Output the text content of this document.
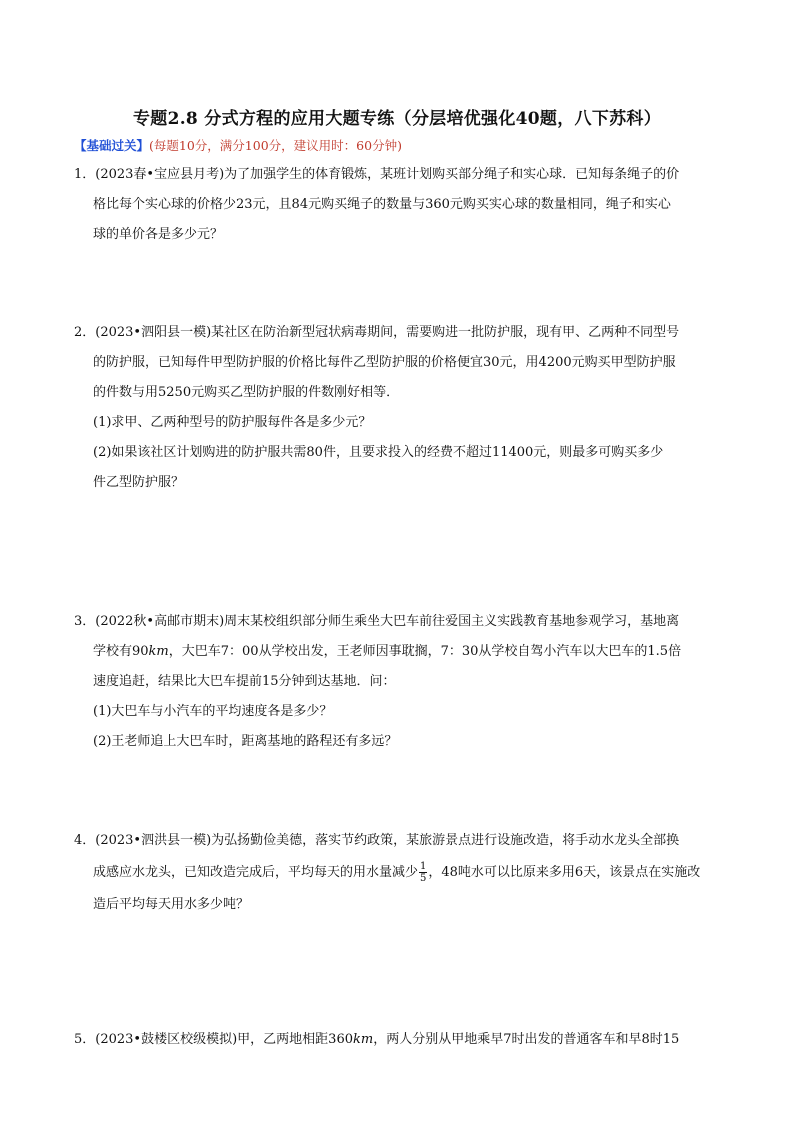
专题2.8 分式方程的应用大题专练（分层培优强化40题，八下苏科）
【基础过关】(每题10分，满分100分，建议用时：60分钟)

1．(2023春•宝应县月考)为了加强学生的体育锻炼，某班计划购买部分绳子和实心球．已知每条绳子的价

格比每个实心球的价格少23元，且84元购买绳子的数量与360元购买实心球的数量相同，绳子和实心

球的单价各是多少元？

2．(2023•泗阳县一模)某社区在防治新型冠状病毒期间，需要购进一批防护服，现有甲、乙两种不同型号

的防护服，已知每件甲型防护服的价格比每件乙型防护服的价格便宜30元，用4200元购买甲型防护服

的件数与用5250元购买乙型防护服的件数刚好相等．

(1)求甲、乙两种型号的防护服每件各是多少元？

(2)如果该社区计划购进的防护服共需80件，且要求投入的经费不超过11400元，则最多可购买多少

件乙型防护服？

3．(2022秋•高邮市期末)周末某校组织部分师生乘坐大巴车前往爱国主义实践教育基地参观学习，基地离

学校有90km，大巴车7：00从学校出发，王老师因事耽搁，7：30从学校自驾小汽车以大巴车的1.5倍

速度追赶，结果比大巴车提前15分钟到达基地．问：

(1)大巴车与小汽车的平均速度各是多少？

(2)王老师追上大巴车时，距离基地的路程还有多远？

4．(2023•泗洪县一模)为弘扬勤俭美德，落实节约政策，某旅游景点进行设施改造，将手动水龙头全部换

成感应水龙头，已知改造完成后，平均每天的用水量减少 $\frac{1}{5}$ ，48吨水可以比原来多用6天，该景点在实施改

造后平均每天用水多少吨？

5．(2023•鼓楼区校级模拟)甲，乙两地相距360km，两人分别从甲地乘早7时出发的普通客车和早8时15
